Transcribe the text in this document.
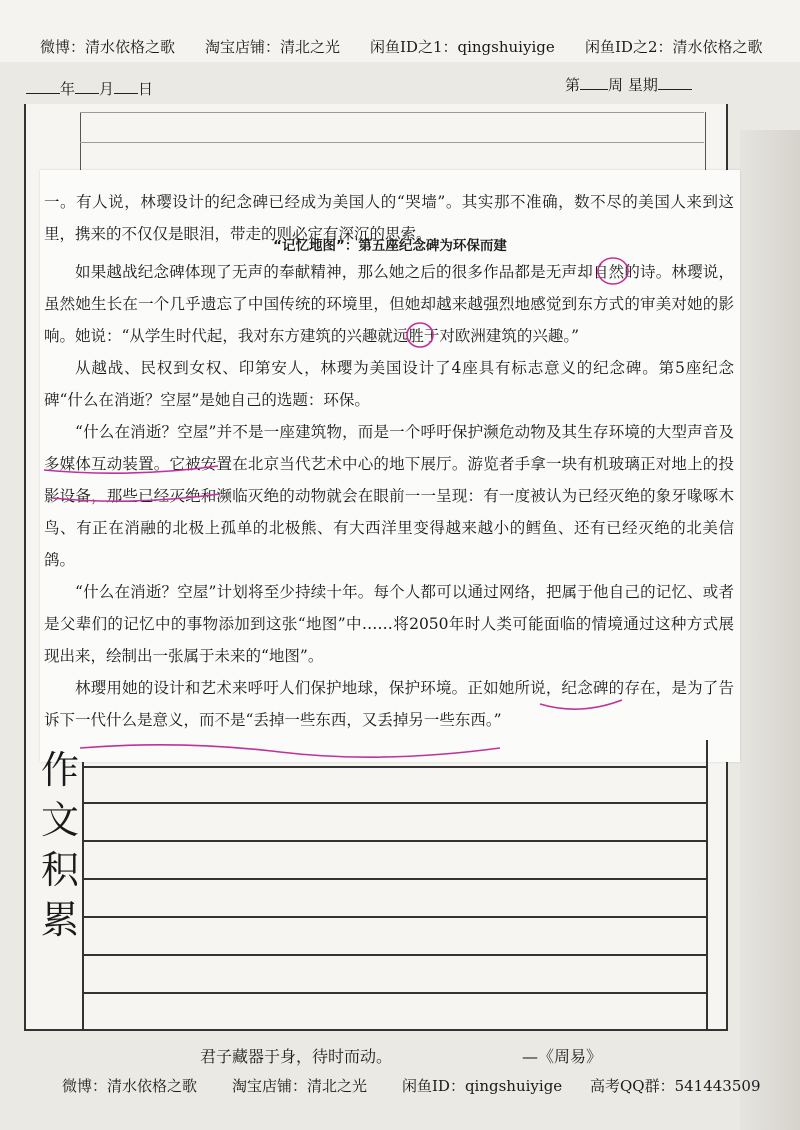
微博：清水依格之歌 淘宝店铺：清北之光 闲鱼ID之1：qingshuiyige 闲鱼ID之2：清水依格之歌
年 月 日	第 周 星期
一。有人说，林璎设计的纪念碑已经成为美国人的“哭墙”。其实那不准确，数不尽的美国人来到这里，携来的不仅仅是眼泪，带走的则必定有深沉的思索。
“记忆地图”：第五座纪念碑为环保而建
如果越战纪念碑体现了无声的奉献精神，那么她之后的很多作品都是无声却自然的诗。林璎说，虽然她生长在一个几乎遗忘了中国传统的环境里，但她却越来越强烈地感觉到东方式的审美对她的影响。她说：“从学生时代起，我对东方建筑的兴趣就远胜于对欧洲建筑的兴趣。”
从越战、民权到女权、印第安人，林璎为美国设计了4座具有标志意义的纪念碑。第5座纪念碑“什么在消逝？空屋”是她自己的选题：环保。
“什么在消逝？空屋”并不是一座建筑物，而是一个呼吁保护濒危动物及其生存环境的大型声音及多媒体互动装置。它被安置在北京当代艺术中心的地下展厅。游览者手拿一块有机玻璃正对地上的投影设备，那些已经灭绝和濒临灭绝的动物就会在眼前一一呈现：有一度被认为已经灭绝的象牙喙啄木鸟、有正在消融的北极上孤单的北极熊、有大西洋里变得越来越小的鳕鱼、还有已经灭绝的北美信鸽。
“什么在消逝？空屋”计划将至少持续十年。每个人都可以通过网络，把属于他自己的记忆、或者是父辈们的记忆中的事物添加到这张“地图”中……将2050年时人类可能面临的情境通过这种方式展现出来，绘制出一张属于未来的“地图”。
林璎用她的设计和艺术来呼吁人们保护地球，保护环境。正如她所说，纪念碑的存在，是为了告诉下一代什么是意义，而不是“丢掉一些东西，又丢掉另一些东西。”
作
文
积
累
君子藏器于身，待时而动。	—《周易》
微博：清水依格之歌 淘宝店铺：清北之光 闲鱼ID：qingshuiyige 高考QQ群：541443509
